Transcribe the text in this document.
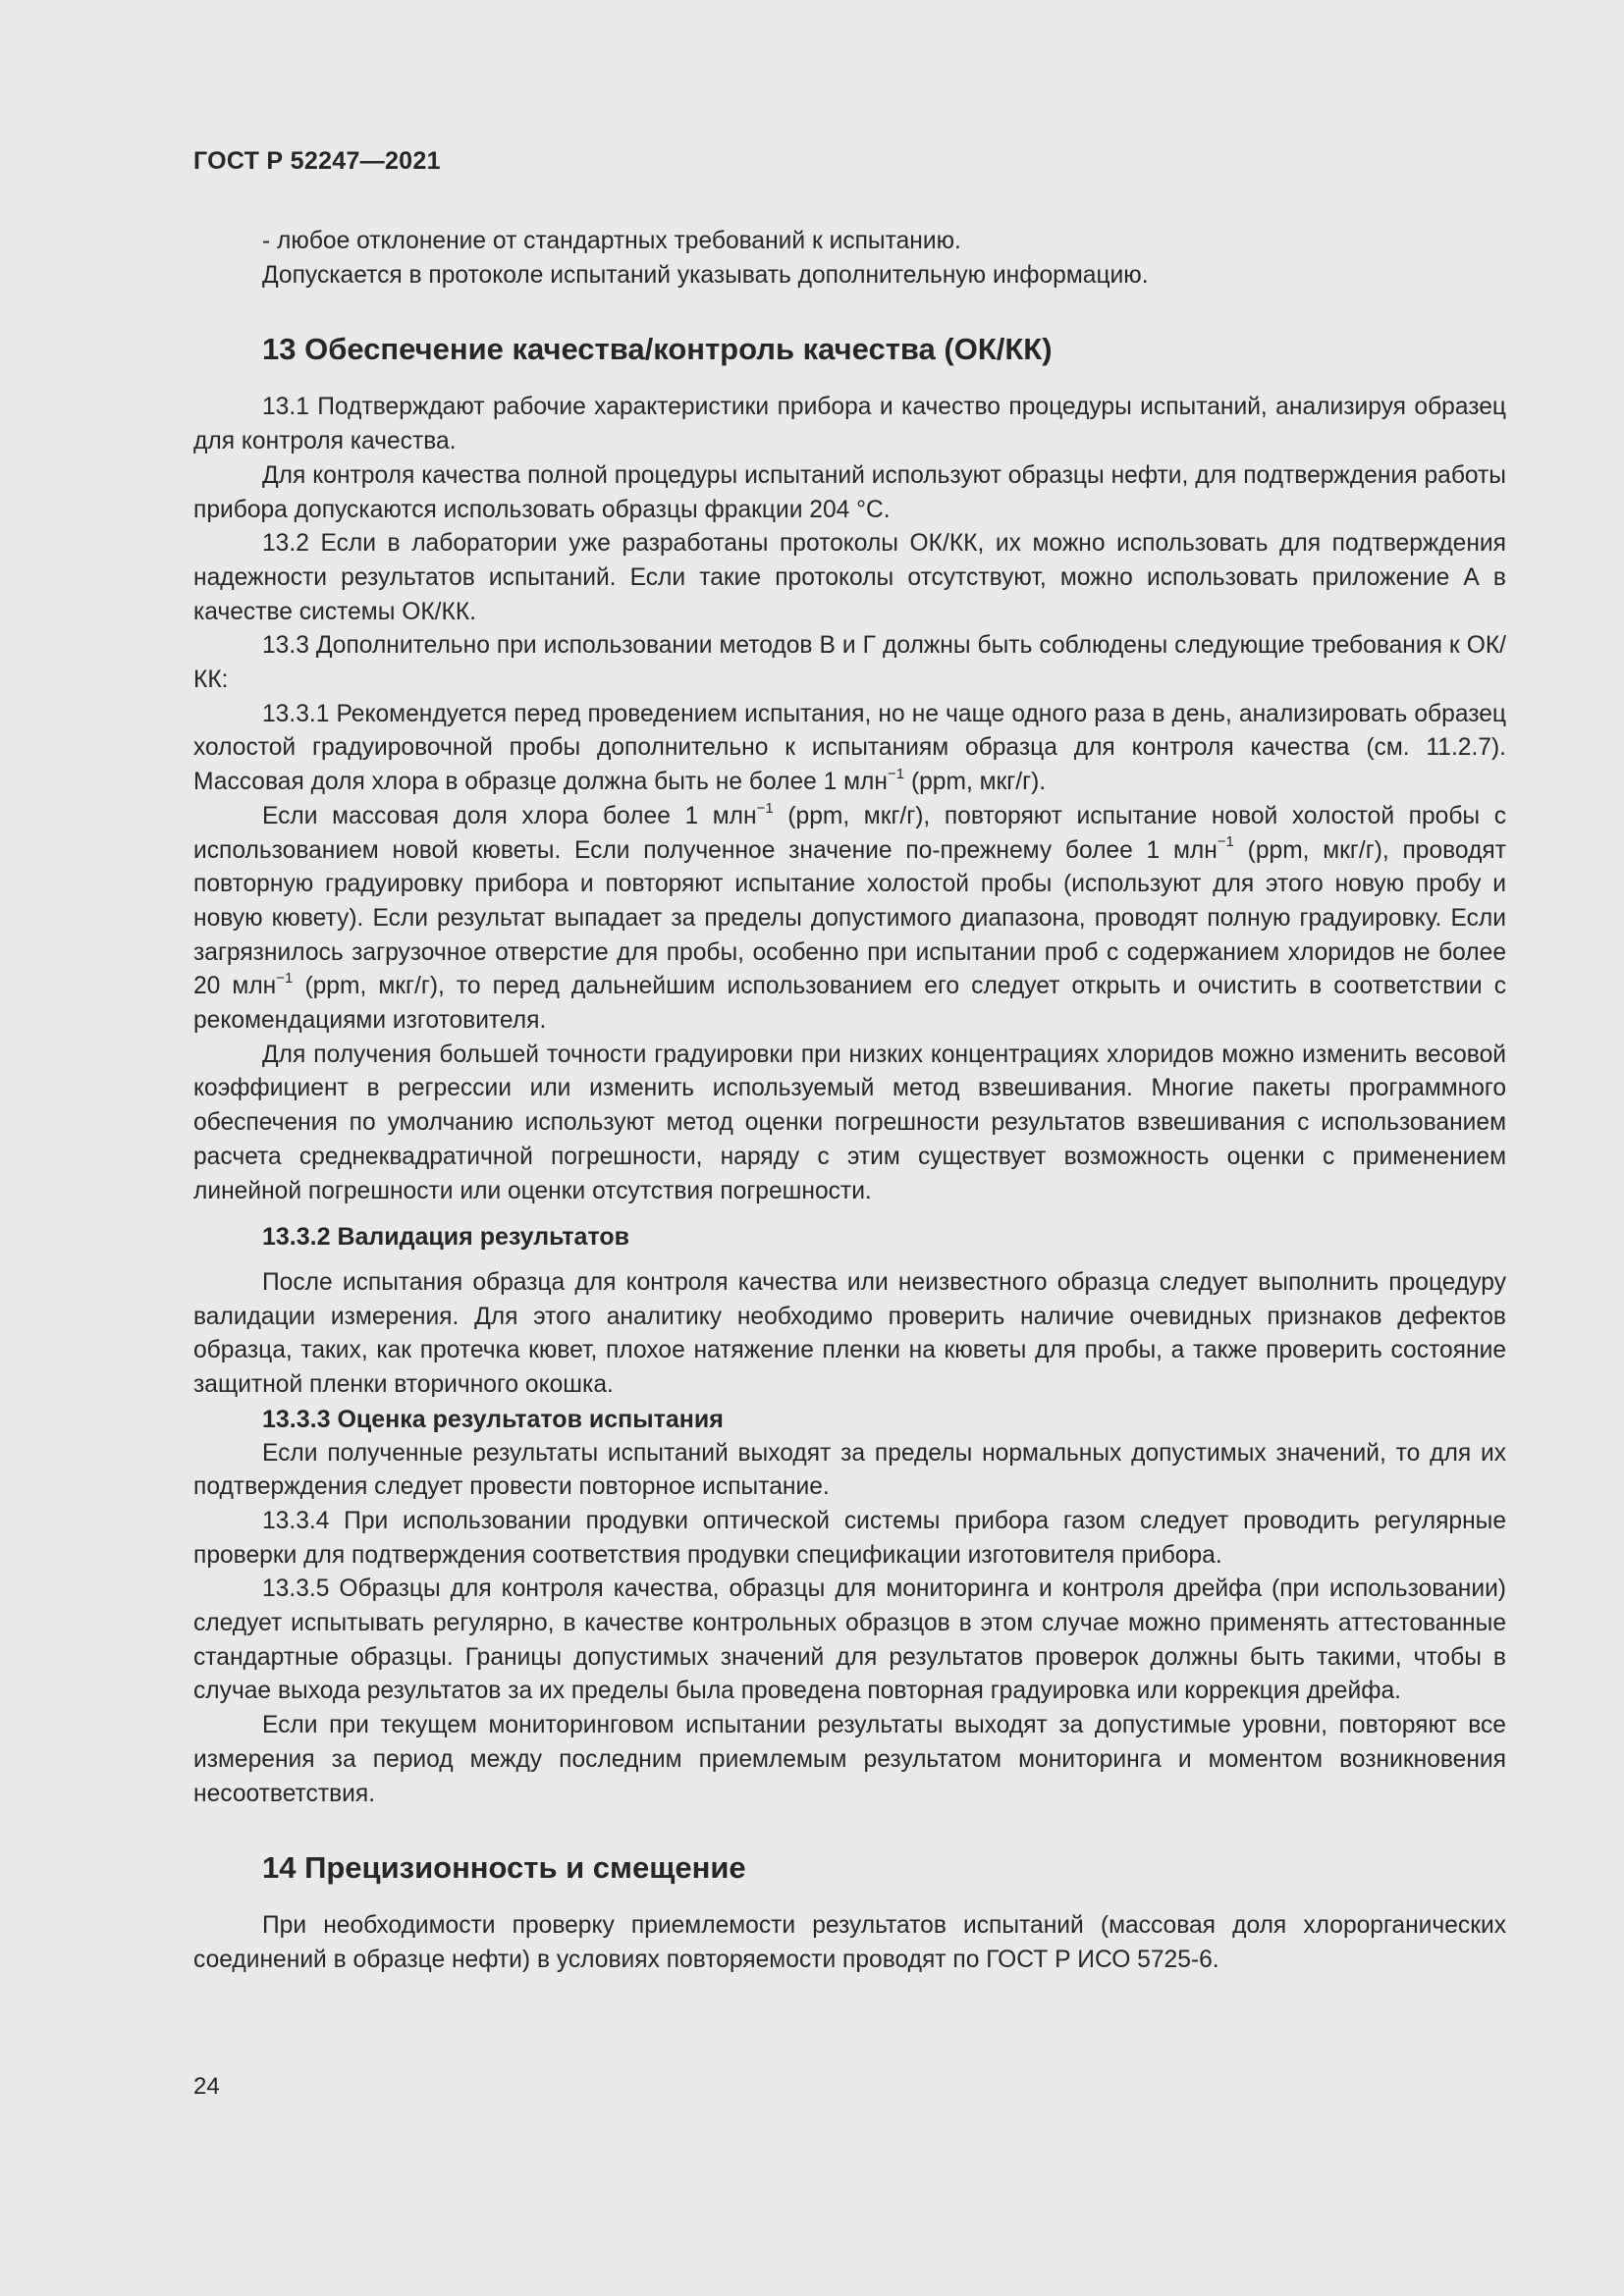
ГОСТ Р 52247—2021

- любое отклонение от стандартных требований к испытанию.

Допускается в протоколе испытаний указывать дополнительную информацию.

13 Обеспечение качества/контроль качества (ОК/КК)

13.1 Подтверждают рабочие характеристики прибора и качество процедуры испытаний, анализируя образец для контроля качества.

Для контроля качества полной процедуры испытаний используют образцы нефти, для подтверждения работы прибора допускаются использовать образцы фракции 204 °С.

13.2 Если в лаборатории уже разработаны протоколы ОК/КК, их можно использовать для подтверждения надежности результатов испытаний. Если такие протоколы отсутствуют, можно использовать приложение А в качестве системы ОК/КК.

13.3 Дополнительно при использовании методов В и Г должны быть соблюдены следующие требования к ОК/КК:

13.3.1 Рекомендуется перед проведением испытания, но не чаще одного раза в день, анализировать образец холостой градуировочной пробы дополнительно к испытаниям образца для контроля качества (см. 11.2.7). Массовая доля хлора в образце должна быть не более 1 млн$^{-1}$ (ppm, мкг/г).

Если массовая доля хлора более 1 млн$^{-1}$ (ppm, мкг/г), повторяют испытание новой холостой пробы с использованием новой кюветы. Если полученное значение по-прежнему более 1 млн$^{-1}$ (ppm, мкг/г), проводят повторную градуировку прибора и повторяют испытание холостой пробы (используют для этого новую пробу и новую кювету). Если результат выпадает за пределы допустимого диапазона, проводят полную градуировку. Если загрязнилось загрузочное отверстие для пробы, особенно при испытании проб с содержанием хлоридов не более 20 млн$^{-1}$ (ppm, мкг/г), то перед дальнейшим использованием его следует открыть и очистить в соответствии с рекомендациями изготовителя.

Для получения большей точности градуировки при низких концентрациях хлоридов можно изменить весовой коэффициент в регрессии или изменить используемый метод взвешивания. Многие пакеты программного обеспечения по умолчанию используют метод оценки погрешности результатов взвешивания с использованием расчета среднеквадратичной погрешности, наряду с этим существует возможность оценки с применением линейной погрешности или оценки отсутствия погрешности.

13.3.2 Валидация результатов

После испытания образца для контроля качества или неизвестного образца следует выполнить процедуру валидации измерения. Для этого аналитику необходимо проверить наличие очевидных признаков дефектов образца, таких, как протечка кювет, плохое натяжение пленки на кюветы для пробы, а также проверить состояние защитной пленки вторичного окошка.

13.3.3 Оценка результатов испытания

Если полученные результаты испытаний выходят за пределы нормальных допустимых значений, то для их подтверждения следует провести повторное испытание.

13.3.4 При использовании продувки оптической системы прибора газом следует проводить регулярные проверки для подтверждения соответствия продувки спецификации изготовителя прибора.

13.3.5 Образцы для контроля качества, образцы для мониторинга и контроля дрейфа (при использовании) следует испытывать регулярно, в качестве контрольных образцов в этом случае можно применять аттестованные стандартные образцы. Границы допустимых значений для результатов проверок должны быть такими, чтобы в случае выхода результатов за их пределы была проведена повторная градуировка или коррекция дрейфа.

Если при текущем мониторинговом испытании результаты выходят за допустимые уровни, повторяют все измерения за период между последним приемлемым результатом мониторинга и моментом возникновения несоответствия.

14 Прецизионность и смещение

При необходимости проверку приемлемости результатов испытаний (массовая доля хлорорганических соединений в образце нефти) в условиях повторяемости проводят по ГОСТ Р ИСО 5725-6.

24
